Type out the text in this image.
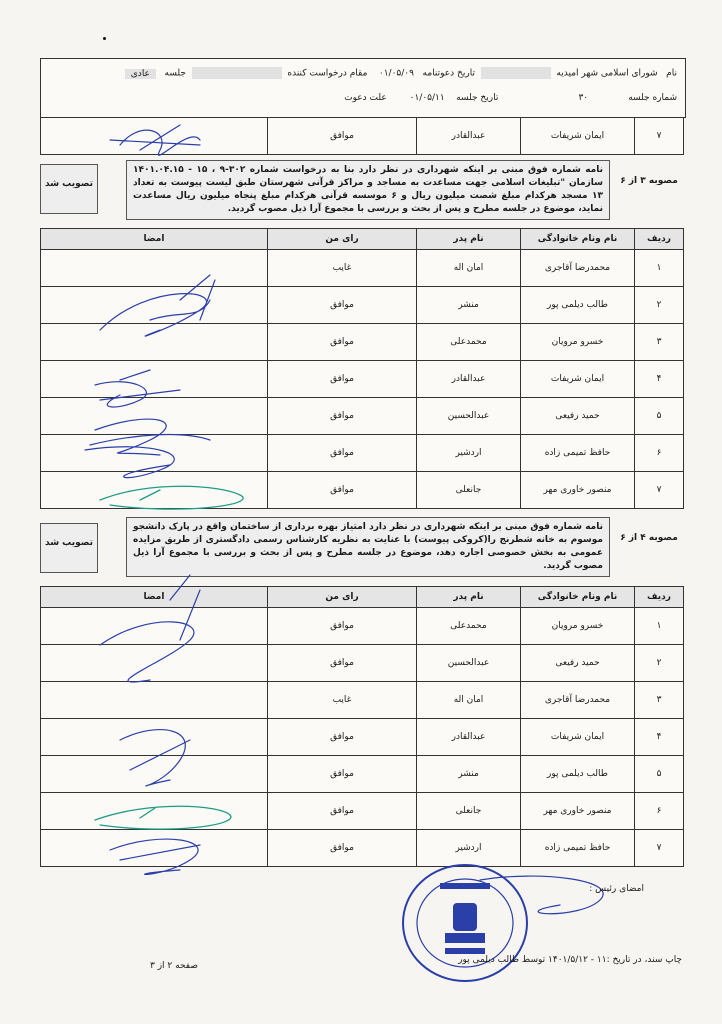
نام   شورای اسلامی شهر امیدیه    تاریخ دعوتنامه   ۰۱/۰۵/۰۹    مقام درخواست کننده    جلسه   عادی
شماره جلسه              ۳۰                            تاریخ جلسه    ۰۱/۰۵/۱۱        علت دعوت
۷	ایمان شریفات	عبدالقادر	موافق	
مصوبه ۳ از ۶
نامه شماره فوق مبنی بر اینکه شهرداری در نظر دارد بنا به درخواست شماره ۳۰۲-۹ ، ۱۵ - ۱۴۰۱.۰۴.۱۵ سازمان "تبلیغات اسلامی جهت مساعدت به مساجد و مراکز قرآنی شهرستان طبق لیست پیوست به تعداد ۱۳ مسجد هرکدام مبلغ شصت میلیون ریال و ۶ موسسه قرآنی هرکدام مبلغ پنجاه میلیون ریال مساعدت نماید، موضوع در جلسه مطرح و پس از بحث و بررسی با مجموع آرا ذیل مصوب گردید.
تصویب شد
ردیف	نام ونام خانوادگی	نام پدر	رای من	امضا
۱	محمدرضا آقاجری	امان اله	غایب	
۲	طالب دیلمی پور	منشر	موافق	
۳	خسرو مرویان	محمدعلی	موافق	
۴	ایمان شریفات	عبدالقادر	موافق	
۵	حمید رفیعی	عبدالحسین	موافق	
۶	حافظ تمیمی زاده	اردشیر	موافق	
۷	منصور خاوری مهر	جانعلی	موافق	
مصوبه ۴ از ۶
نامه شماره فوق مبنی بر اینکه شهرداری در نظر دارد امتیاز بهره برداری از ساختمان واقع در پارک دانشجو موسوم به خانه شطرنج را(کروکی پیوست) با عنایت به نظریه کارشناس رسمی دادگستری از طریق مزایده عمومی به بخش خصوصی اجاره دهد، موضوع در جلسه مطرح و پس از بحث و بررسی با مجموع آرا ذیل مصوب گردید.
تصویب شد
ردیف	نام ونام خانوادگی	نام پدر	رای من	امضا
۱	خسرو مرویان	محمدعلی	موافق	
۲	حمید رفیعی	عبدالحسین	موافق	
۳	محمدرضا آقاجری	امان اله	غایب	
۴	ایمان شریفات	عبدالقادر	موافق	
۵	طالب دیلمی پور	منشر	موافق	
۶	منصور خاوری مهر	جانعلی	موافق	
۷	حافظ تمیمی زاده	اردشیر	موافق	
امضای رئیس :
چاپ سند، در تاریخ :۱۱ - ۱۴۰۱/۵/۱۲ توسط طالب دیلمی پور
صفحه ۲ از ۳
